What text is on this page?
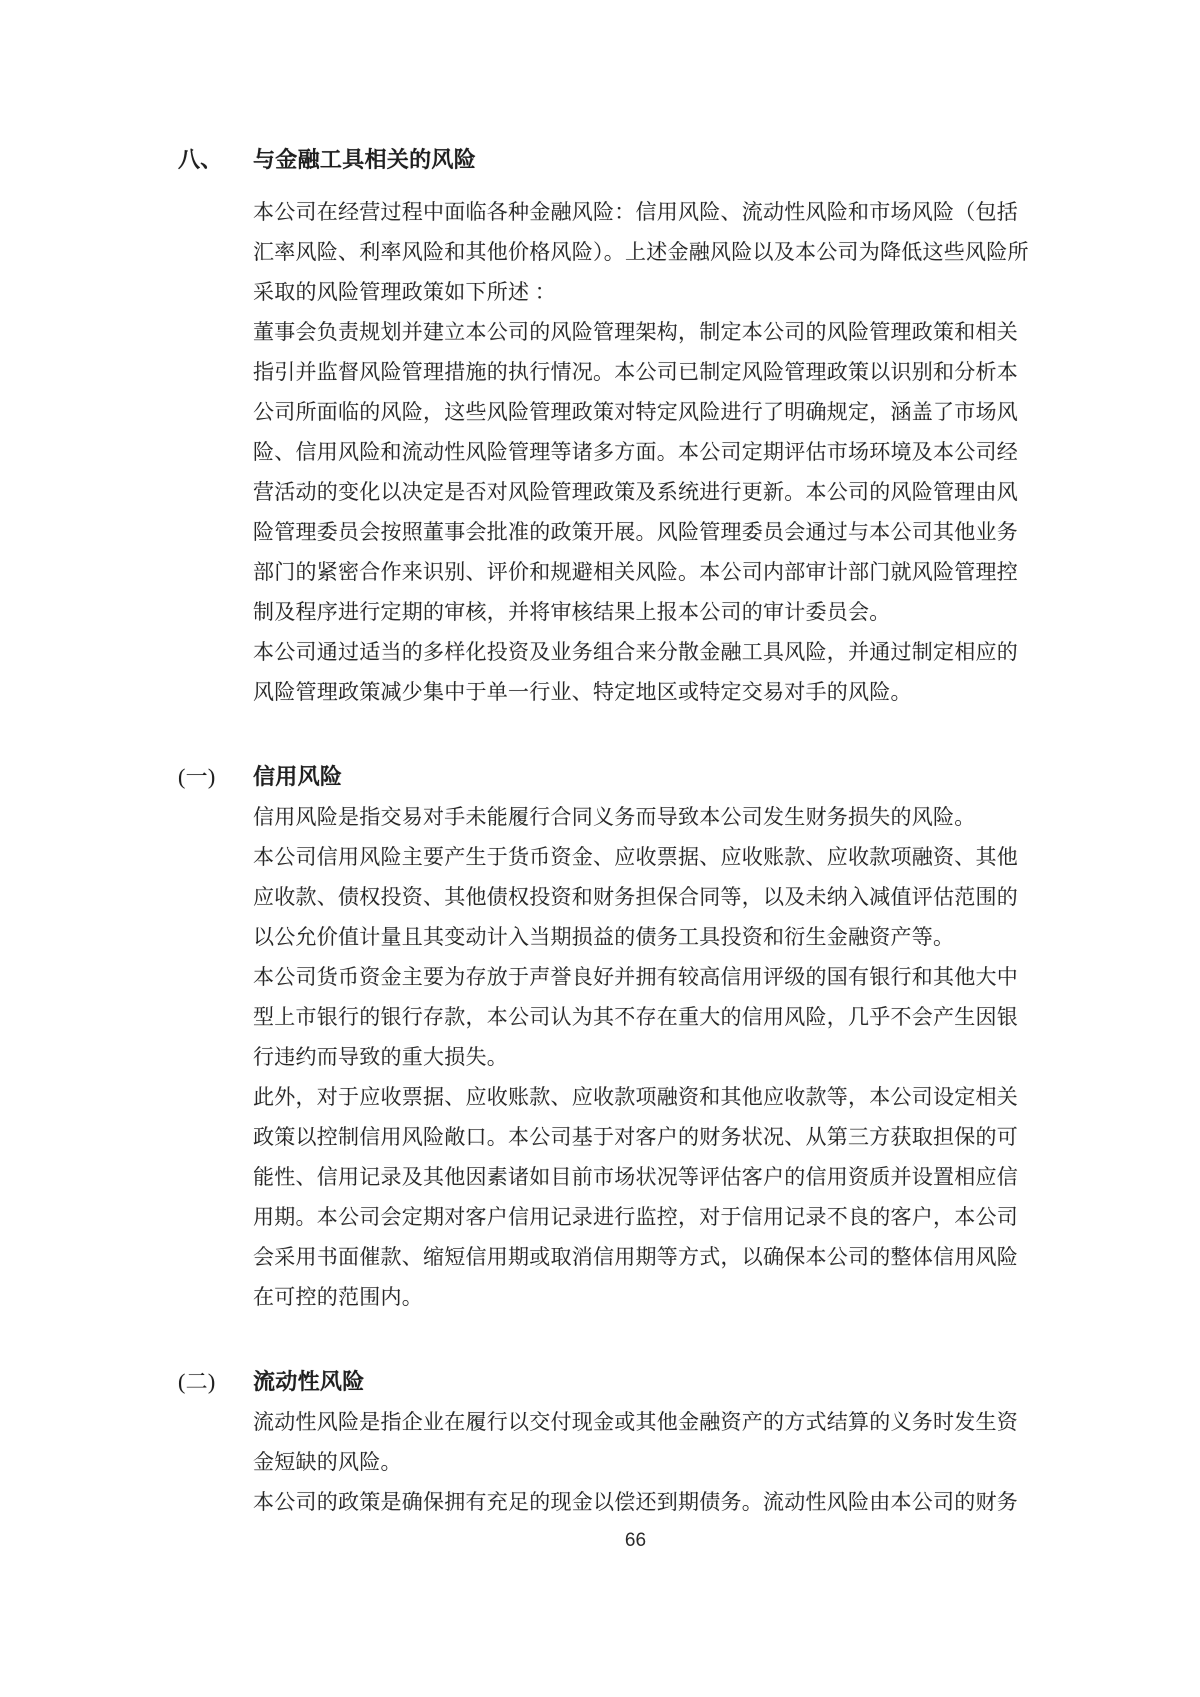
八、	与金融工具相关的风险
本公司在经营过程中面临各种金融风险：信用风险、流动性风险和市场风险（包括
汇率风险、利率风险和其他价格风险）。上述金融风险以及本公司为降低这些风险所
采取的风险管理政策如下所述 ：
董事会负责规划并建立本公司的风险管理架构，制定本公司的风险管理政策和相关
指引并监督风险管理措施的执行情况。本公司已制定风险管理政策以识别和分析本
公司所面临的风险，这些风险管理政策对特定风险进行了明确规定，涵盖了市场风
险、信用风险和流动性风险管理等诸多方面。本公司定期评估市场环境及本公司经
营活动的变化以决定是否对风险管理政策及系统进行更新。本公司的风险管理由风
险管理委员会按照董事会批准的政策开展。风险管理委员会通过与本公司其他业务
部门的紧密合作来识别、评价和规避相关风险。本公司内部审计部门就风险管理控
制及程序进行定期的审核，并将审核结果上报本公司的审计委员会。
本公司通过适当的多样化投资及业务组合来分散金融工具风险，并通过制定相应的
风险管理政策减少集中于单一行业、特定地区或特定交易对手的风险。
(一)	信用风险
信用风险是指交易对手未能履行合同义务而导致本公司发生财务损失的风险。
本公司信用风险主要产生于货币资金、应收票据、应收账款、应收款项融资、其他
应收款、债权投资、其他债权投资和财务担保合同等，以及未纳入减值评估范围的
以公允价值计量且其变动计入当期损益的债务工具投资和衍生金融资产等。
本公司货币资金主要为存放于声誉良好并拥有较高信用评级的国有银行和其他大中
型上市银行的银行存款，本公司认为其不存在重大的信用风险，几乎不会产生因银
行违约而导致的重大损失。
此外，对于应收票据、应收账款、应收款项融资和其他应收款等，本公司设定相关
政策以控制信用风险敞口。本公司基于对客户的财务状况、从第三方获取担保的可
能性、信用记录及其他因素诸如目前市场状况等评估客户的信用资质并设置相应信
用期。本公司会定期对客户信用记录进行监控，对于信用记录不良的客户，本公司
会采用书面催款、缩短信用期或取消信用期等方式，以确保本公司的整体信用风险
在可控的范围内。
(二)	流动性风险
流动性风险是指企业在履行以交付现金或其他金融资产的方式结算的义务时发生资
金短缺的风险。
本公司的政策是确保拥有充足的现金以偿还到期债务。流动性风险由本公司的财务
66
